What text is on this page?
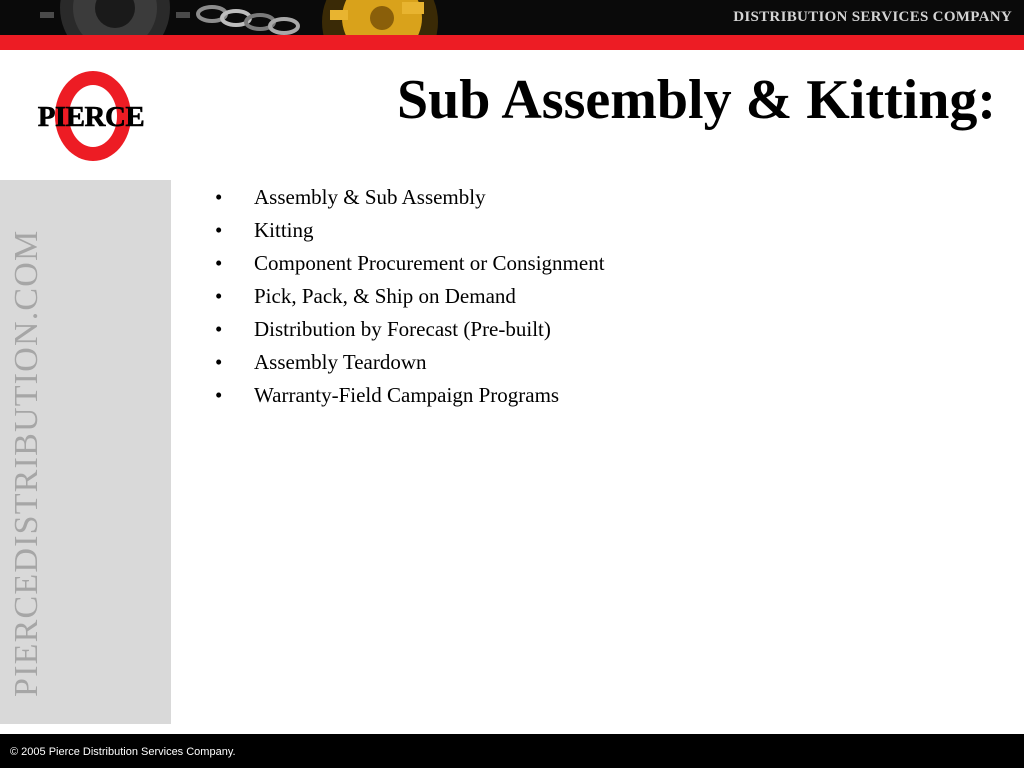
DISTRIBUTION SERVICES COMPANY
PIERCE	Sub Assembly & Kitting:
PIERCEDISTRIBUTION.COM
• Assembly & Sub Assembly
• Kitting
• Component Procurement or Consignment
• Pick, Pack, & Ship on Demand
• Distribution by Forecast (Pre-built)
• Assembly Teardown
• Warranty-Field Campaign Programs
© 2005 Pierce Distribution Services Company.
